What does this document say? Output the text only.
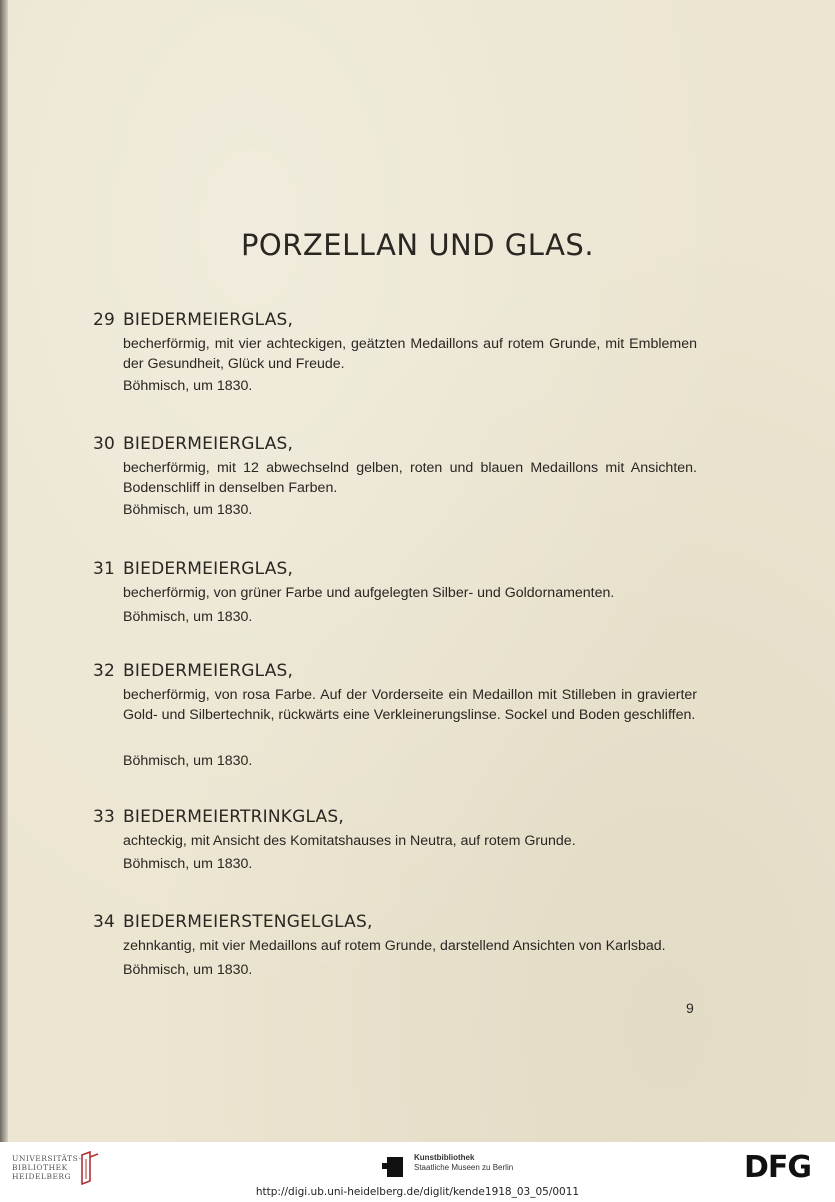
PORZELLAN UND GLAS.
29 BIEDERMEIERGLAS,
becherförmig, mit vier achteckigen, geätzten Medaillons auf rotem Grunde, mit Emblemen der Gesundheit, Glück und Freude.
Böhmisch, um 1830.
30 BIEDERMEIERGLAS,
becherförmig, mit 12 abwechselnd gelben, roten und blauen Medaillons mit Ansichten. Bodenschliff in denselben Farben.
Böhmisch, um 1830.
31 BIEDERMEIERGLAS,
becherförmig, von grüner Farbe und aufgelegten Silber- und Goldornamenten.
Böhmisch, um 1830.
32 BIEDERMEIERGLAS,
becherförmig, von rosa Farbe. Auf der Vorderseite ein Medaillon mit Stilleben in gravierter Gold- und Silbertechnik, rückwärts eine Verkleinerungslinse. Sockel und Boden geschliffen.
Böhmisch, um 1830.
33 BIEDERMEIERTRINKGLAS,
achteckig, mit Ansicht des Komitatshauses in Neutra, auf rotem Grunde.
Böhmisch, um 1830.
34 BIEDERMEIERSTENGELGLAS,
zehnkantig, mit vier Medaillons auf rotem Grunde, darstellend Ansichten von Karlsbad.
Böhmisch, um 1830.
9
UNIVERSITÄTS-
BIBLIOTHEK
HEIDELBERG
Kunstbibliothek
Staatliche Museen zu Berlin	DFG
http://digi.ub.uni-heidelberg.de/diglit/kende1918_03_05/0011
